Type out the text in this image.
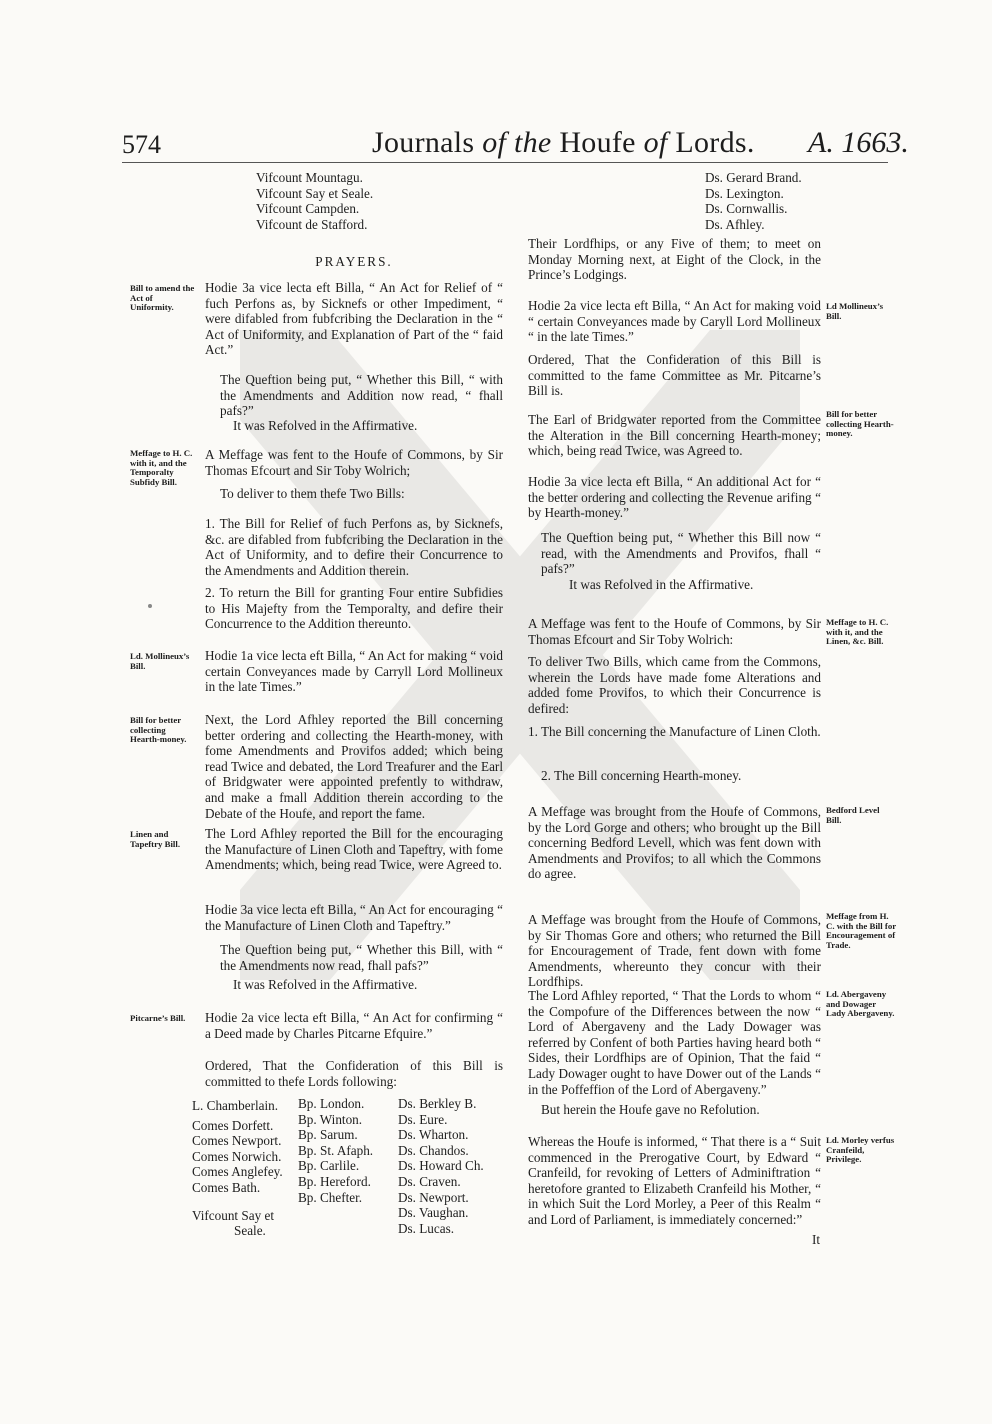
574	Journals of the Houfe of Lords. A. 1663.
Vifcount Mountagu.
Vifcount Say et Seale.
Vifcount Campden.
Vifcount de Stafford.
Ds. Gerard Brand.
Ds. Lexington.
Ds. Cornwallis.
Ds. Afhley.
PRAYERS.
Bill to amend the Act of Uniformity.

Hodie 3a vice lecta eft Billa, “ An Act for Relief of “ fuch Perfons as, by Sicknefs or other Impediment, “ were difabled from fubfcribing the Declaration in the “ Act of Uniformity, and Explanation of Part of the “ faid Act.”

The Queftion being put, “ Whether this Bill, “ with the Amendments and Addition now read, “ fhall pafs?”

It was Refolved in the Affirmative.
Meffage to H. C. with it, and the Temporalty Subfidy Bill.

A Meffage was fent to the Houfe of Commons, by Sir Thomas Efcourt and Sir Toby Wolrich;

To deliver to them thefe Two Bills:

1. The Bill for Relief of fuch Perfons as, by Sicknefs, &c. are difabled from fubfcribing the Declaration in the Act of Uniformity, and to defire their Concurrence to the Amendments and Addition therein.

2. To return the Bill for granting Four entire Subfidies to His Majefty from the Temporalty, and defire their Concurrence to the Addition thereunto.

Ld. Mollineux’s Bill.

Hodie 1a vice lecta eft Billa, “ An Act for making “ void certain Conveyances made by Carryll Lord Mollineux in the late Times.”

Bill for better collecting Hearth-money.

Next, the Lord Afhley reported the Bill concerning better ordering and collecting the Hearth-money, with fome Amendments and Provifos added; which being read Twice and debated, the Lord Treafurer and the Earl of Bridgwater were appointed prefently to withdraw, and make a fmall Addition therein according to the Debate of the Houfe, and report the fame.

Linen and Tapeftry Bill.

The Lord Afhley reported the Bill for the encouraging the Manufacture of Linen Cloth and Tapeftry, with fome Amendments; which, being read Twice, were Agreed to.

Hodie 3a vice lecta eft Billa, “ An Act for encouraging “ the Manufacture of Linen Cloth and Tapeftry.”

The Queftion being put, “ Whether this Bill, with “ the Amendments now read, fhall pafs?”

It was Refolved in the Affirmative.
Pitcarne’s Bill.	Hodie 2a vice lecta eft Billa, “ An Act for confirming “ a Deed made by Charles Pitcarne Efquire.”

Ordered, That the Confideration of this Bill is committed to thefe Lords following:

L. Chamberlain.
Comes Dorfett.
Comes Newport.
Comes Norwich.
Comes Anglefey.
Comes Bath.
Vifcount Say et
Seale.
Bp. London.
Bp. Winton.
Bp. Sarum.
Bp. St. Afaph.
Bp. Carlile.
Bp. Hereford.
Bp. Chefter.
Ds. Berkley B.
Ds. Eure.
Ds. Wharton.
Ds. Chandos.
Ds. Howard Ch.
Ds. Craven.
Ds. Newport.
Ds. Vaughan.
Ds. Lucas.

Their Lordfhips, or any Five of them; to meet on Monday Morning next, at Eight of the Clock, in the Prince’s Lodgings.

Ld Mollineux’s Bill.

Hodie 2a vice lecta eft Billa, “ An Act for making void “ certain Conveyances made by Caryll Lord Mollineux “ in the late Times.”

Ordered, That the Confideration of this Bill is committed to the fame Committee as Mr. Pitcarne’s Bill is.

Bill for better collecting Hearth-money.

The Earl of Bridgwater reported from the Committee the Alteration in the Bill concerning Hearth-money; which, being read Twice, was Agreed to.

Hodie 3a vice lecta eft Billa, “ An additional Act for “ the better ordering and collecting the Revenue arifing “ by Hearth-money.”

The Queftion being put, “ Whether this Bill now “ read, with the Amendments and Provifos, fhall “ pafs?”

It was Refolved in the Affirmative.
Meffage to H. C. with it, and the Linen, &c. Bill.

A Meffage was fent to the Houfe of Commons, by Sir Thomas Efcourt and Sir Toby Wolrich:

To deliver Two Bills, which came from the Commons, wherein the Lords have made fome Alterations and added fome Provifos, to which their Concurrence is defired:

1. The Bill concerning the Manufacture of Linen Cloth.

2. The Bill concerning Hearth-money.
Bedford Level Bill.

A Meffage was brought from the Houfe of Commons, by the Lord Gorge and others; who brought up the Bill concerning Bedford Levell, which was fent down with Amendments and Provifos; to all which the Commons do agree.

Meffage from H. C. with the Bill for Encouragement of Trade.

A Meffage was brought from the Houfe of Commons, by Sir Thomas Gore and others; who returned the Bill for Encouragement of Trade, fent down with fome Amendments, whereunto they concur with their Lordfhips.

Ld. Abergaveny and Dowager Lady Abergaveny.

The Lord Afhley reported, “ That the Lords to whom “ the Compofure of the Differences between the now “ Lord of Abergaveny and the Lady Dowager was referred by Confent of both Parties having heard both “ Sides, their Lordfhips are of Opinion, That the faid “ Lady Dowager ought to have Dower out of the Lands “ in the Poffeffion of the Lord of Abergaveny.”

But herein the Houfe gave no Refolution.
Ld. Morley verfus Cranfeild, Privilege.

Whereas the Houfe is informed, “ That there is a “ Suit commenced in the Prerogative Court, by Edward “ Cranfeild, for revoking of Letters of Adminiftration “ heretofore granted to Elizabeth Cranfeild his Mother, “ in which Suit the Lord Morley, a Peer of this Realm “ and Lord of Parliament, is immediately concerned:”

It
